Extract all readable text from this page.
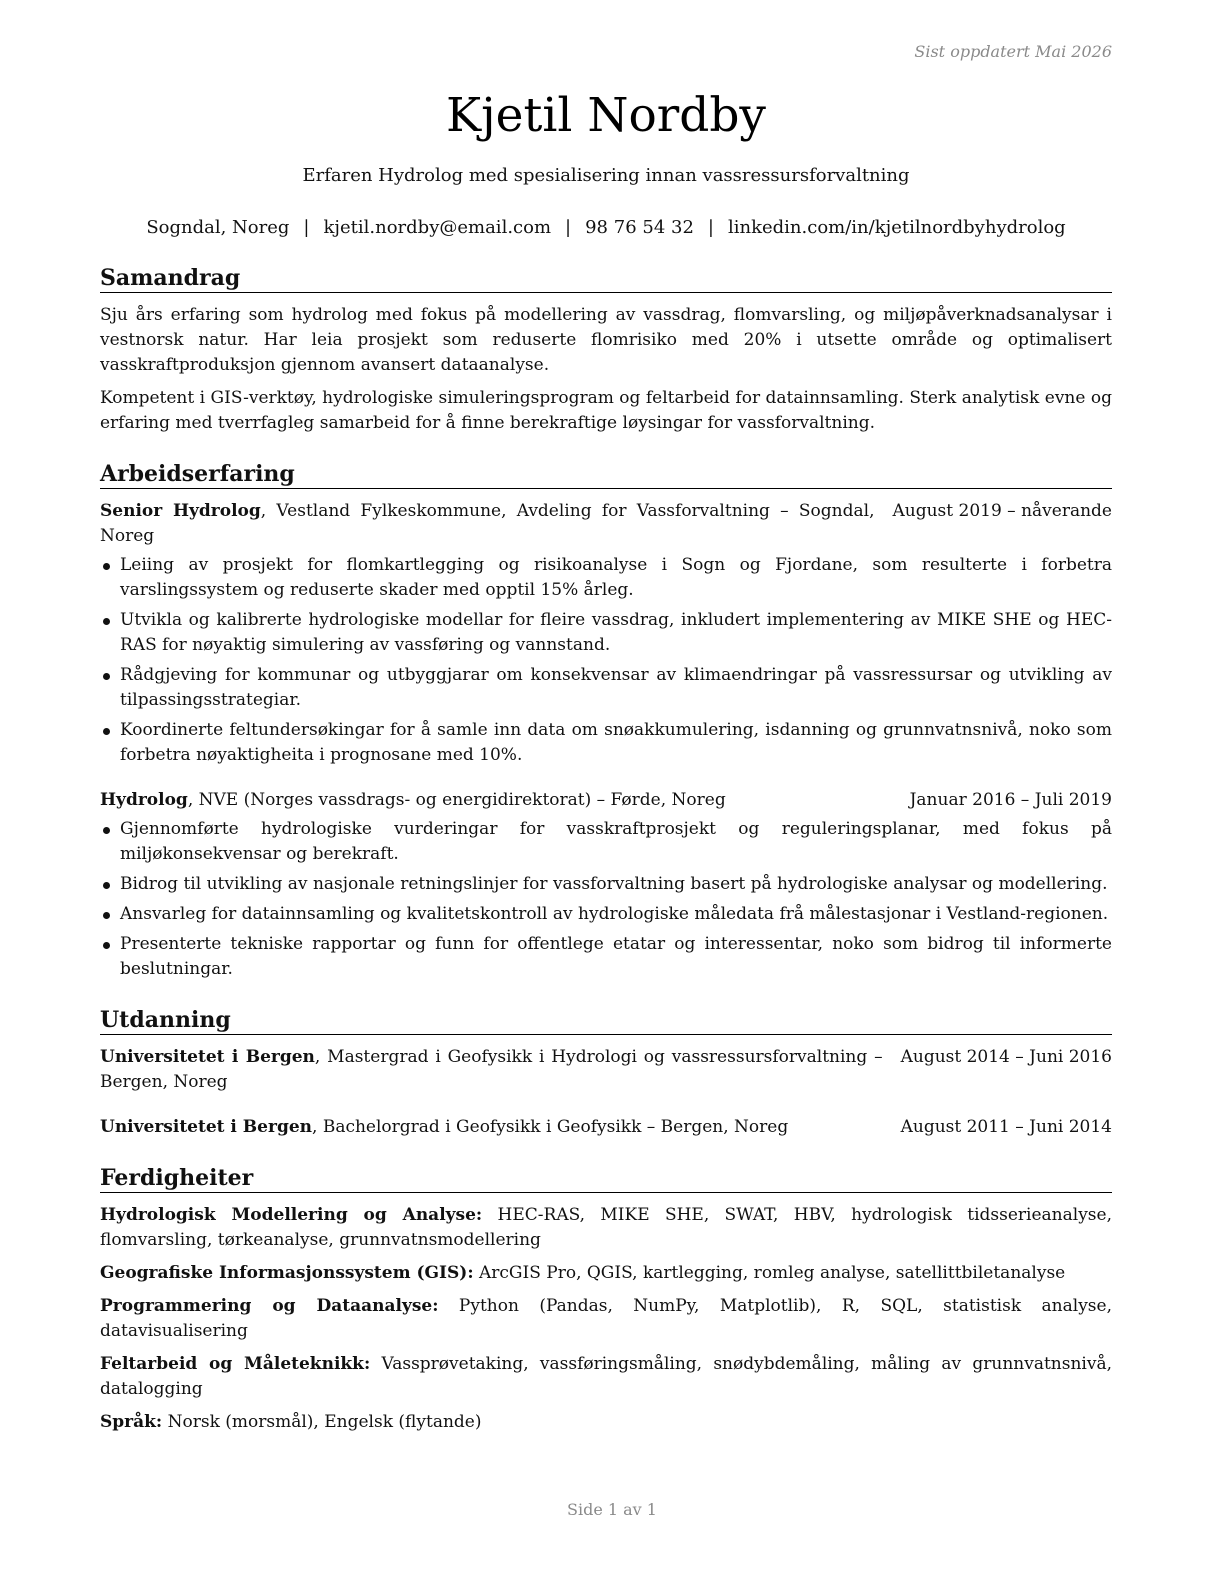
Sist oppdatert Mai 2026
Kjetil Nordby
Erfaren Hydrolog med spesialisering innan vassressursforvaltning
Sogndal, Noreg | kjetil.nordby@email.com | 98 76 54 32 | linkedin.com/in/kjetilnordbyhydrolog
Samandrag

Sju års erfaring som hydrolog med fokus på modellering av vassdrag, flomvarsling, og miljøpåverknadsanalysar i vestnorsk natur. Har leia prosjekt som reduserte flomrisiko med 20% i utsette område og optimalisert vasskraftproduksjon gjennom avansert dataanalyse.

Kompetent i GIS-verktøy, hydrologiske simuleringsprogram og feltarbeid for datainnsamling. Sterk analytisk evne og erfaring med tverrfagleg samarbeid for å finne berekraftige løysingar for vassforvaltning.

Arbeidserfaring
Senior Hydrolog, Vestland Fylkeskommune, Avdeling for Vassforvaltning – Sogndal, Noreg
August 2019 – nåverande
Leiing av prosjekt for flomkartlegging og risikoanalyse i Sogn og Fjordane, som resulterte i forbetra varslingssystem og reduserte skader med opptil 15% årleg.
Utvikla og kalibrerte hydrologiske modellar for fleire vassdrag, inkludert implementering av MIKE SHE og HEC-RAS for nøyaktig simulering av vassføring og vannstand.
Rådgjeving for kommunar og utbyggjarar om konsekvensar av klimaendringar på vassressursar og utvikling av tilpassingsstrategiar.
Koordinerte feltundersøkingar for å samle inn data om snøakkumulering, isdanning og grunnvatnsnivå, noko som forbetra nøyaktigheita i prognosane med 10%.
Hydrolog, NVE (Norges vassdrags- og energidirektorat) – Førde, Noreg	Januar 2016 – Juli 2019
Gjennomførte hydrologiske vurderingar for vasskraftprosjekt og reguleringsplanar, med fokus på miljøkonsekvensar og berekraft.
Bidrog til utvikling av nasjonale retningslinjer for vassforvaltning basert på hydrologiske analysar og modellering.
Ansvarleg for datainnsamling og kvalitetskontroll av hydrologiske måledata frå målestasjonar i Vestland-regionen.
Presenterte tekniske rapportar og funn for offentlege etatar og interessentar, noko som bidrog til informerte beslutningar.
Utdanning
Universitetet i Bergen, Mastergrad i Geofysikk i Hydrologi og vassressursforvaltning – Bergen, Noreg
August 2014 – Juni 2016
Universitetet i Bergen, Bachelorgrad i Geofysikk i Geofysikk – Bergen, Noreg	August 2011 – Juni 2014
Ferdigheiter
Hydrologisk Modellering og Analyse: HEC-RAS, MIKE SHE, SWAT, HBV, hydrologisk tidsserieanalyse, flomvarsling, tørkeanalyse, grunnvatnsmodellering
Geografiske Informasjonssystem (GIS): ArcGIS Pro, QGIS, kartlegging, romleg analyse, satellittbiletanalyse
Programmering og Dataanalyse: Python (Pandas, NumPy, Matplotlib), R, SQL, statistisk analyse, datavisualisering
Feltarbeid og Måleteknikk: Vassprøvetaking, vassføringsmåling, snødybdemåling, måling av grunnvatnsnivå, datalogging
Språk: Norsk (morsmål), Engelsk (flytande)
Side 1 av 1
